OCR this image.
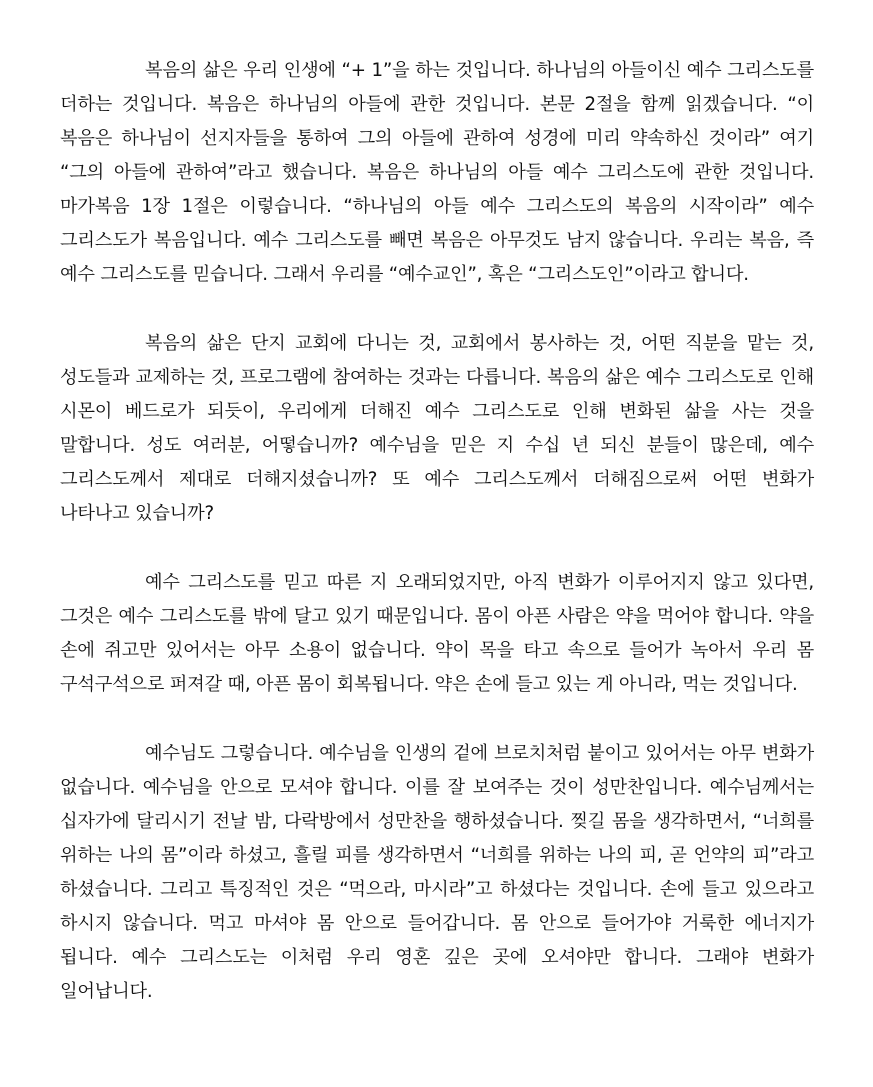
복음의 삶은 우리 인생에 “+ 1”을 하는 것입니다. 하나님의 아들이신 예수 그리스도를 더하는 것입니다. 복음은 하나님의 아들에 관한 것입니다. 본문 2절을 함께 읽겠습니다. “이 복음은 하나님이 선지자들을 통하여 그의 아들에 관하여 성경에 미리 약속하신 것이라” 여기 “그의 아들에 관하여”라고 했습니다. 복음은 하나님의 아들 예수 그리스도에 관한 것입니다. 마가복음 1장 1절은 이렇습니다. “하나님의 아들 예수 그리스도의 복음의 시작이라” 예수 그리스도가 복음입니다. 예수 그리스도를 빼면 복음은 아무것도 남지 않습니다. 우리는 복음, 즉 예수 그리스도를 믿습니다. 그래서 우리를 “예수교인”, 혹은 “그리스도인”이라고 합니다.

복음의 삶은 단지 교회에 다니는 것, 교회에서 봉사하는 것, 어떤 직분을 맡는 것, 성도들과 교제하는 것, 프로그램에 참여하는 것과는 다릅니다. 복음의 삶은 예수 그리스도로 인해 시몬이 베드로가 되듯이, 우리에게 더해진 예수 그리스도로 인해 변화된 삶을 사는 것을 말합니다. 성도 여러분, 어떻습니까? 예수님을 믿은 지 수십 년 되신 분들이 많은데, 예수 그리스도께서 제대로 더해지셨습니까? 또 예수 그리스도께서 더해짐으로써 어떤 변화가 나타나고 있습니까?

예수 그리스도를 믿고 따른 지 오래되었지만, 아직 변화가 이루어지지 않고 있다면, 그것은 예수 그리스도를 밖에 달고 있기 때문입니다. 몸이 아픈 사람은 약을 먹어야 합니다. 약을 손에 쥐고만 있어서는 아무 소용이 없습니다. 약이 목을 타고 속으로 들어가 녹아서 우리 몸 구석구석으로 퍼져갈 때, 아픈 몸이 회복됩니다. 약은 손에 들고 있는 게 아니라, 먹는 것입니다.

예수님도 그렇습니다. 예수님을 인생의 겉에 브로치처럼 붙이고 있어서는 아무 변화가 없습니다. 예수님을 안으로 모셔야 합니다. 이를 잘 보여주는 것이 성만찬입니다. 예수님께서는 십자가에 달리시기 전날 밤, 다락방에서 성만찬을 행하셨습니다. 찢길 몸을 생각하면서, “너희를 위하는 나의 몸”이라 하셨고, 흘릴 피를 생각하면서 “너희를 위하는 나의 피, 곧 언약의 피”라고 하셨습니다. 그리고 특징적인 것은 “먹으라, 마시라”고 하셨다는 것입니다. 손에 들고 있으라고 하시지 않습니다. 먹고 마셔야 몸 안으로 들어갑니다. 몸 안으로 들어가야 거룩한 에너지가 됩니다. 예수 그리스도는 이처럼 우리 영혼 깊은 곳에 오셔야만 합니다. 그래야 변화가 일어납니다.
